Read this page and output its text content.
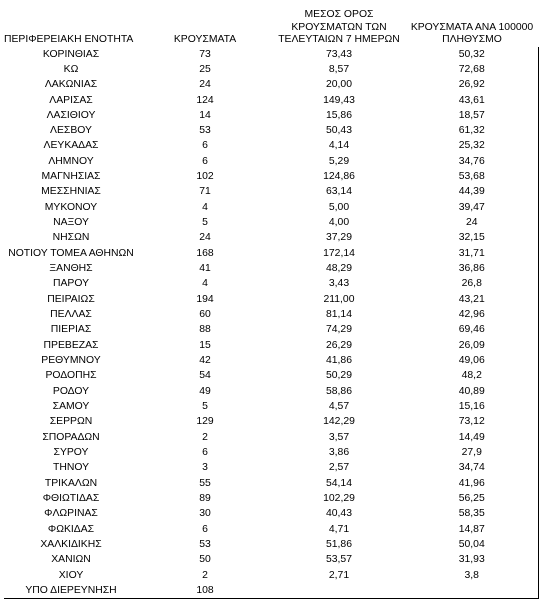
ΠΕΡΙΦΕΡΕΙΑΚΗ ΕΝΟΤΗΤΑ	ΚΡΟΥΣΜΑΤΑ	ΜΕΣΟΣ ΟΡΟΣ
ΚΡΟΥΣΜΑΤΩΝ ΤΩΝ
ΤΕΛΕΥΤΑΙΩΝ 7 ΗΜΕΡΩΝ	ΚΡΟΥΣΜΑΤΑ ΑΝΑ 100000
ΠΛΗΘΥΣΜΟ
ΚΟΡΙΝΘΙΑΣ	73	73,43	50,32
ΚΩ	25	8,57	72,68
ΛΑΚΩΝΙΑΣ	24	20,00	26,92
ΛΑΡΙΣΑΣ	124	149,43	43,61
ΛΑΣΙΘΙΟΥ	14	15,86	18,57
ΛΕΣΒΟΥ	53	50,43	61,32
ΛΕΥΚΑΔΑΣ	6	4,14	25,32
ΛΗΜΝΟΥ	6	5,29	34,76
ΜΑΓΝΗΣΙΑΣ	102	124,86	53,68
ΜΕΣΣΗΝΙΑΣ	71	63,14	44,39
ΜΥΚΟΝΟΥ	4	5,00	39,47
ΝΑΞΟΥ	5	4,00	24
ΝΗΣΩΝ	24	37,29	32,15
ΝΟΤΙΟΥ ΤΟΜΕΑ ΑΘΗΝΩΝ	168	172,14	31,71
ΞΑΝΘΗΣ	41	48,29	36,86
ΠΑΡΟΥ	4	3,43	26,8
ΠΕΙΡΑΙΩΣ	194	211,00	43,21
ΠΕΛΛΑΣ	60	81,14	42,96
ΠΙΕΡΙΑΣ	88	74,29	69,46
ΠΡΕΒΕΖΑΣ	15	26,29	26,09
ΡΕΘΥΜΝΟΥ	42	41,86	49,06
ΡΟΔΟΠΗΣ	54	50,29	48,2
ΡΟΔΟΥ	49	58,86	40,89
ΣΑΜΟΥ	5	4,57	15,16
ΣΕΡΡΩΝ	129	142,29	73,12
ΣΠΟΡΑΔΩΝ	2	3,57	14,49
ΣΥΡΟΥ	6	3,86	27,9
ΤΗΝΟΥ	3	2,57	34,74
ΤΡΙΚΑΛΩΝ	55	54,14	41,96
ΦΘΙΩΤΙΔΑΣ	89	102,29	56,25
ΦΛΩΡΙΝΑΣ	30	40,43	58,35
ΦΩΚΙΔΑΣ	6	4,71	14,87
ΧΑΛΚΙΔΙΚΗΣ	53	51,86	50,04
ΧΑΝΙΩΝ	50	53,57	31,93
ΧΙΟΥ	2	2,71	3,8
ΥΠΟ ΔΙΕΡΕΥΝΗΣΗ	108		
